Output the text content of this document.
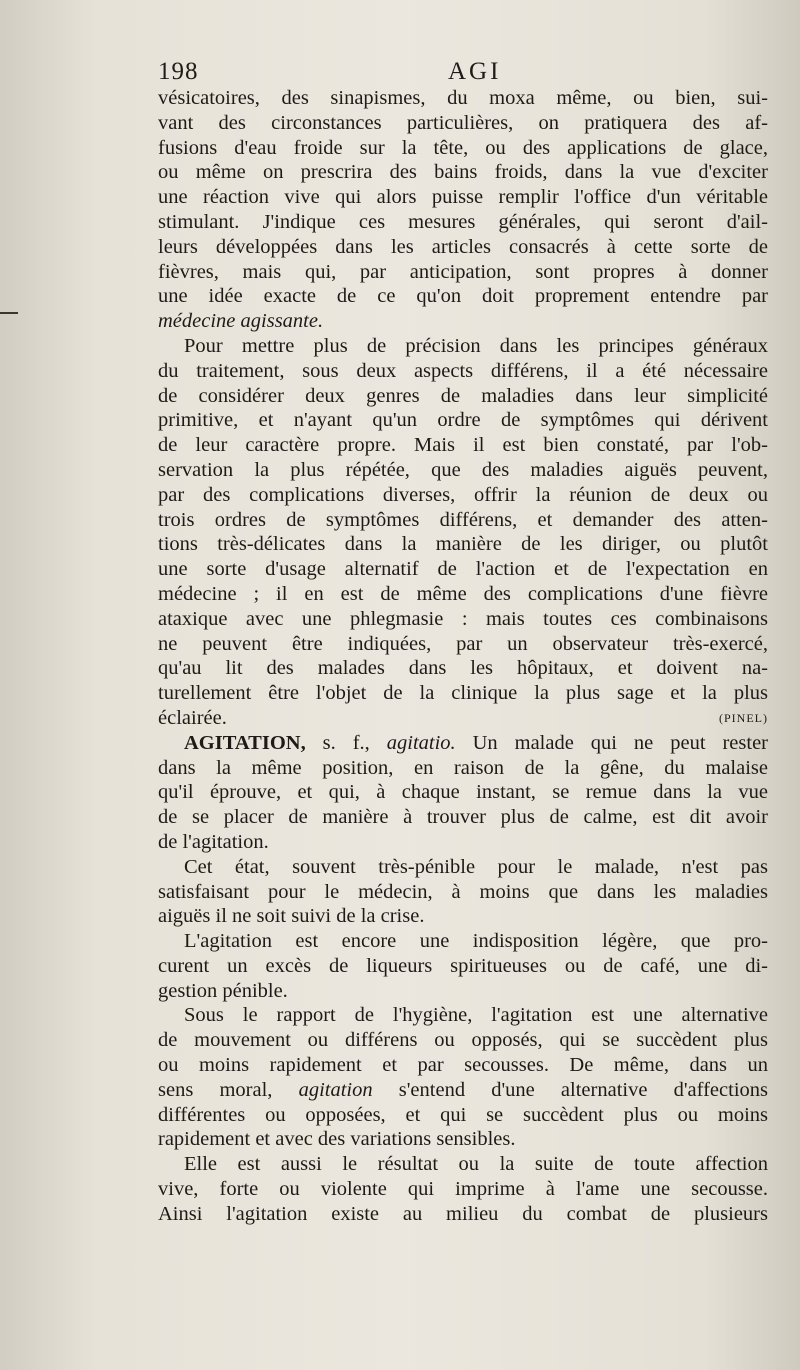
198	AGI
vésicatoires, des sinapismes, du moxa même, ou bien, sui-
vant des circonstances particulières, on pratiquera des af-
fusions d'eau froide sur la tête, ou des applications de glace,
ou même on prescrira des bains froids, dans la vue d'exciter
une réaction vive qui alors puisse remplir l'office d'un véritable
stimulant. J'indique ces mesures générales, qui seront d'ail-
leurs développées dans les articles consacrés à cette sorte de
fièvres, mais qui, par anticipation, sont propres à donner
une idée exacte de ce qu'on doit proprement entendre par
médecine agissante.
Pour mettre plus de précision dans les principes généraux
du traitement, sous deux aspects différens, il a été nécessaire
de considérer deux genres de maladies dans leur simplicité
primitive, et n'ayant qu'un ordre de symptômes qui dérivent
de leur caractère propre. Mais il est bien constaté, par l'ob-
servation la plus répétée, que des maladies aiguës peuvent,
par des complications diverses, offrir la réunion de deux ou
trois ordres de symptômes différens, et demander des atten-
tions très-délicates dans la manière de les diriger, ou plutôt
une sorte d'usage alternatif de l'action et de l'expectation en
médecine ; il en est de même des complications d'une fièvre
ataxique avec une phlegmasie : mais toutes ces combinaisons
ne peuvent être indiquées, par un observateur très-exercé,
qu'au lit des malades dans les hôpitaux, et doivent na-
turellement être l'objet de la clinique la plus sage et la plus
éclairée.	(PINEL)
AGITATION, s. f., agitatio. Un malade qui ne peut rester
dans la même position, en raison de la gêne, du malaise
qu'il éprouve, et qui, à chaque instant, se remue dans la vue
de se placer de manière à trouver plus de calme, est dit avoir
de l'agitation.
Cet état, souvent très-pénible pour le malade, n'est pas
satisfaisant pour le médecin, à moins que dans les maladies
aiguës il ne soit suivi de la crise.
L'agitation est encore une indisposition légère, que pro-
curent un excès de liqueurs spiritueuses ou de café, une di-
gestion pénible.
Sous le rapport de l'hygiène, l'agitation est une alternative
de mouvement ou différens ou opposés, qui se succèdent plus
ou moins rapidement et par secousses. De même, dans un
sens moral, agitation s'entend d'une alternative d'affections
différentes ou opposées, et qui se succèdent plus ou moins
rapidement et avec des variations sensibles.
Elle est aussi le résultat ou la suite de toute affection
vive, forte ou violente qui imprime à l'ame une secousse.
Ainsi l'agitation existe au milieu du combat de plusieurs
